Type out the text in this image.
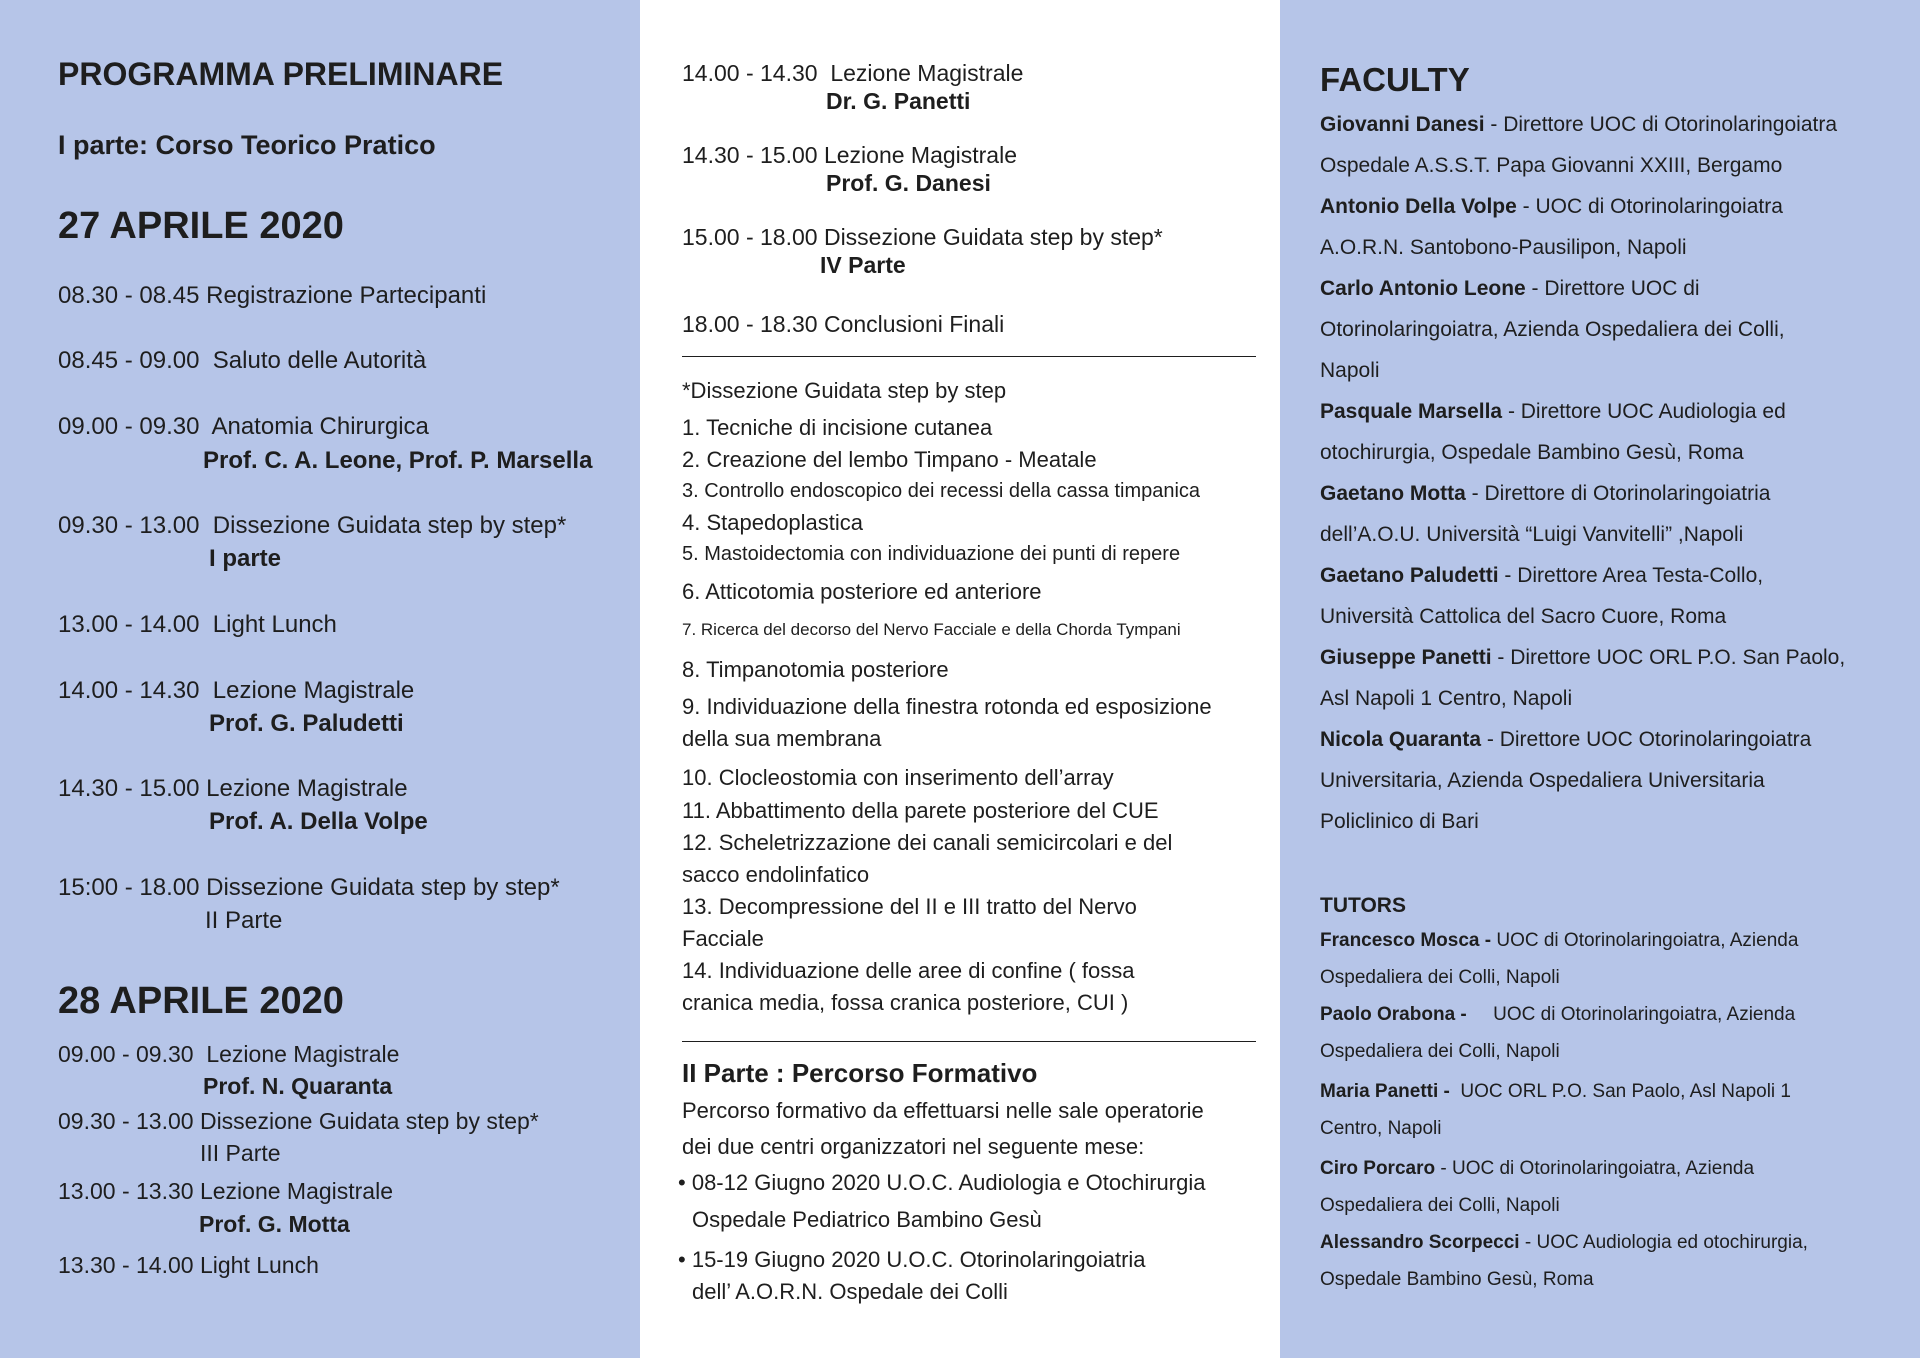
PROGRAMMA PRELIMINARE
I parte: Corso Teorico Pratico
27 APRILE 2020
08.30 - 08.45 Registrazione Partecipanti
08.45 - 09.00 Saluto delle Autorità
09.00 - 09.30 Anatomia Chirurgica
Prof. C. A. Leone, Prof. P. Marsella
09.30 - 13.00 Dissezione Guidata step by step*
I parte
13.00 - 14.00 Light Lunch
14.00 - 14.30 Lezione Magistrale
Prof. G. Paludetti
14.30 - 15.00 Lezione Magistrale
Prof. A. Della Volpe
15:00 - 18.00 Dissezione Guidata step by step*
II Parte
28 APRILE 2020
09.00 - 09.30 Lezione Magistrale
Prof. N. Quaranta
09.30 - 13.00 Dissezione Guidata step by step*
III Parte
13.00 - 13.30 Lezione Magistrale
Prof. G. Motta
13.30 - 14.00 Light Lunch
14.00 - 14.30 Lezione Magistrale
Dr. G. Panetti
14.30 - 15.00 Lezione Magistrale
Prof. G. Danesi
15.00 - 18.00 Dissezione Guidata step by step*
IV Parte
18.00 - 18.30 Conclusioni Finali
*Dissezione Guidata step by step
1. Tecniche di incisione cutanea
2. Creazione del lembo Timpano - Meatale
3. Controllo endoscopico dei recessi della cassa timpanica
4. Stapedoplastica
5. Mastoidectomia con individuazione dei punti di repere
6. Atticotomia posteriore ed anteriore
7. Ricerca del decorso del Nervo Facciale e della Chorda Tympani
8. Timpanotomia posteriore
9. Individuazione della finestra rotonda ed esposizione
della sua membrana
10. Clocleostomia con inserimento dell’array
11. Abbattimento della parete posteriore del CUE
12. Scheletrizzazione dei canali semicircolari e del
sacco endolinfatico
13. Decompressione del II e III tratto del Nervo
Facciale
14. Individuazione delle aree di confine ( fossa
cranica media, fossa cranica posteriore, CUI )
II Parte : Percorso Formativo
Percorso formativo da effettuarsi nelle sale operatorie
dei due centri organizzatori nel seguente mese:
• 08-12 Giugno 2020 U.O.C. Audiologia e Otochirurgia
Ospedale Pediatrico Bambino Gesù
• 15-19 Giugno 2020 U.O.C. Otorinolaringoiatria
dell’ A.O.R.N. Ospedale dei Colli
FACULTY
Giovanni Danesi - Direttore UOC di Otorinolaringoiatra
Ospedale A.S.S.T. Papa Giovanni XXIII, Bergamo
Antonio Della Volpe - UOC di Otorinolaringoiatra
A.O.R.N. Santobono-Pausilipon, Napoli
Carlo Antonio Leone - Direttore UOC di
Otorinolaringoiatra, Azienda Ospedaliera dei Colli,
Napoli
Pasquale Marsella - Direttore UOC Audiologia ed
otochirurgia, Ospedale Bambino Gesù, Roma
Gaetano Motta - Direttore di Otorinolaringoiatria
dell’A.O.U. Università “Luigi Vanvitelli” ,Napoli
Gaetano Paludetti - Direttore Area Testa-Collo,
Università Cattolica del Sacro Cuore, Roma
Giuseppe Panetti - Direttore UOC ORL P.O. San Paolo,
Asl Napoli 1 Centro, Napoli
Nicola Quaranta - Direttore UOC Otorinolaringoiatra
Universitaria, Azienda Ospedaliera Universitaria
Policlinico di Bari
TUTORS
Francesco Mosca - UOC di Otorinolaringoiatra, Azienda
Ospedaliera dei Colli, Napoli
Paolo Orabona -     UOC di Otorinolaringoiatra, Azienda
Ospedaliera dei Colli, Napoli
Maria Panetti -  UOC ORL P.O. San Paolo, Asl Napoli 1
Centro, Napoli
Ciro Porcaro - UOC di Otorinolaringoiatra, Azienda
Ospedaliera dei Colli, Napoli
Alessandro Scorpecci - UOC Audiologia ed otochirurgia,
Ospedale Bambino Gesù, Roma
